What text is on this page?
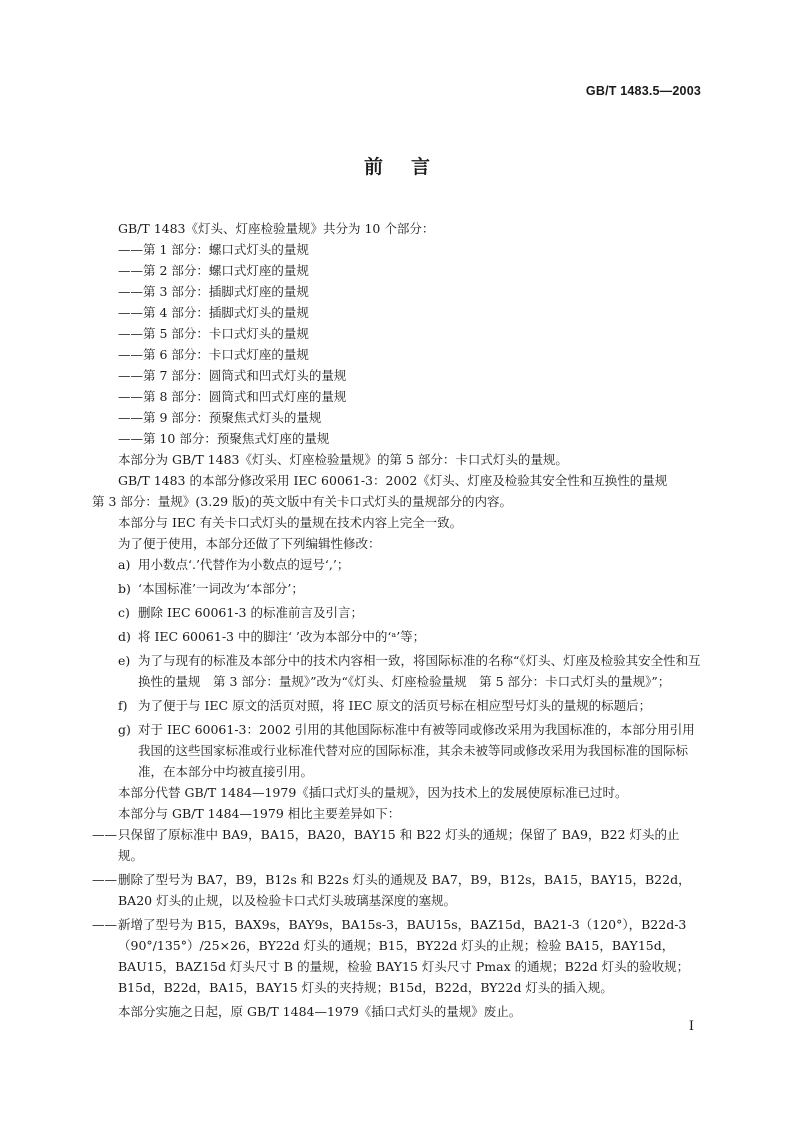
GB/T 1483.5—2003
前言

GB/T 1483《灯头、灯座检验量规》共分为 10 个部分：

——第 1 部分：螺口式灯头的量规

——第 2 部分：螺口式灯座的量规

——第 3 部分：插脚式灯座的量规

——第 4 部分：插脚式灯头的量规

——第 5 部分：卡口式灯头的量规

——第 6 部分：卡口式灯座的量规

——第 7 部分：圆筒式和凹式灯头的量规

——第 8 部分：圆筒式和凹式灯座的量规

——第 9 部分：预聚焦式灯头的量规

——第 10 部分：预聚焦式灯座的量规

本部分为 GB/T 1483《灯头、灯座检验量规》的第 5 部分：卡口式灯头的量规。

GB/T 1483 的本部分修改采用 IEC 60061-3：2002《灯头、灯座及检验其安全性和互换性的量规

第 3 部分：量规》(3.29 版)的英文版中有关卡口式灯头的量规部分的内容。

本部分与 IEC 有关卡口式灯头的量规在技术内容上完全一致。

为了便于使用，本部分还做了下列编辑性修改：

a) 用小数点‘.’代替作为小数点的逗号‘,’；
b) ‘本国标准’一词改为‘本部分’；
c) 删除 IEC 60061-3 的标准前言及引言；
d) 将 IEC 60061-3 中的脚注‘ ’改为本部分中的‘ᵃ’等；
e) 为了与现有的标准及本部分中的技术内容相一致，将国际标准的名称“《灯头、灯座及检验其安全性和互换性的量规　第 3 部分：量规》”改为“《灯头、灯座检验量规　第 5 部分：卡口式灯头的量规》”；
f) 为了便于与 IEC 原文的活页对照，将 IEC 原文的活页号标在相应型号灯头的量规的标题后；
g) 对于 IEC 60061-3：2002 引用的其他国际标准中有被等同或修改采用为我国标准的，本部分用引用我国的这些国家标准或行业标准代替对应的国际标准，其余未被等同或修改采用为我国标准的国际标准，在本部分中均被直接引用。

本部分代替 GB/T 1484—1979《插口式灯头的量规》，因为技术上的发展使原标准已过时。

本部分与 GB/T 1484—1979 相比主要差异如下：

—— 只保留了原标准中 BA9，BA15，BA20，BAY15 和 B22 灯头的通规；保留了 BA9，B22 灯头的止规。
—— 删除了型号为 BA7，B9，B12s 和 B22s 灯头的通规及 BA7，B9，B12s，BA15，BAY15，B22d，BA20 灯头的止规，以及检验卡口式灯头玻璃基深度的塞规。
—— 新增了型号为 B15，BAX9s，BAY9s，BA15s-3，BAU15s，BAZ15d，BA21-3（120°），B22d-3（90°/135°）/25×26，BY22d 灯头的通规；B15，BY22d 灯头的止规；检验 BA15，BAY15d，BAU15，BAZ15d 灯头尺寸 B 的量规，检验 BAY15 灯头尺寸 Pmax 的通规；B22d 灯头的验收规；B15d，B22d，BA15，BAY15 灯头的夹持规；B15d，B22d，BY22d 灯头的插入规。

本部分实施之日起，原 GB/T 1484—1979《插口式灯头的量规》废止。

I
